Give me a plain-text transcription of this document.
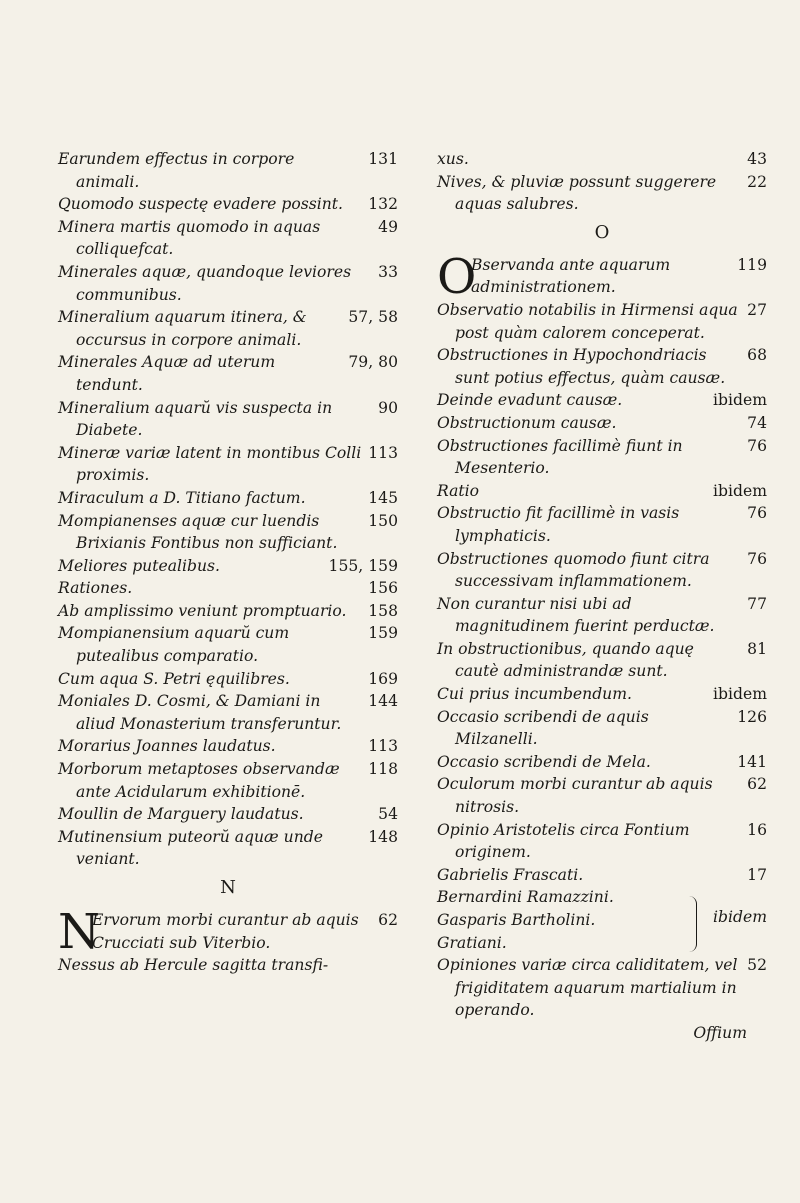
131
Earundem effectus in corpore animali.
132
Quomodo suspectę evadere possint.
49
Minera martis quomodo in aquas colliquefcat.
33
Minerales aquæ, quandoque leviores communibus.
57, 58
Mineralium aquarum itinera, & occursus in corpore animali.
79, 80
Minerales Aquæ ad uterum tendunt.
90
Mineralium aquarŭ vis suspecta in Diabete.
113
Mineræ variæ latent in montibus Colli proximis.
145
Miraculum a D. Titiano factum.
150
Mompianenses aquæ cur luendis Brixianis Fontibus non sufficiant.
155, 159
Meliores putealibus.
156
Rationes.
158
Ab amplissimo veniunt promptuario.
159
Mompianensium aquarŭ cum putealibus comparatio.
169
Cum aqua S. Petri ęquilibres.
144
Moniales D. Cosmi, & Damiani in aliud Monasterium transferuntur.
113
Morarius Joannes laudatus.
118
Morborum metaptoses observandæ ante Acidularum exhibitionē.
54
Moullin de Marguery laudatus.
148
Mutinensium puteorŭ aquæ unde veniant.
N
N	62
Ervorum morbi curantur ab aquis Crucciati sub Viterbio.
Nessus ab Hercule sagitta transfi-
43
xus.
22
Nives, & pluviæ possunt suggerere aquas salubres.
O
O	119
Bservanda ante aquarum administrationem.
27
Observatio notabilis in Hirmensi aqua post quàm calorem conceperat.
68
Obstructiones in Hypochondriacis sunt potius effectus, quàm causæ.
ibidem
Deinde evadunt causæ.
74
Obstructionum causæ.
76
Obstructiones facillimè fiunt in Mesenterio.
ibidem
Ratio
76
Obstructio fit facillimè in vasis lymphaticis.
76
Obstructiones quomodo fiunt citra successivam inflammationem.
77
Non curantur nisi ubi ad magnitudinem fuerint perductæ.
81
In obstructionibus, quando aquę cautè administrandæ sunt.
ibidem
Cui prius incumbendum.
126
Occasio scribendi de aquis Milzanelli.
141
Occasio scribendi de Mela.
62
Oculorum morbi curantur ab aquis nitrosis.
16
Opinio Aristotelis circa Fontium originem.
17
Gabrielis Frascati.
Bernardini Ramazzini.
Gasparis Bartholini.
Gratiani.
ibidem
52
Opiniones variæ circa caliditatem, vel frigiditatem aquarum martialium in operando.
Offium
